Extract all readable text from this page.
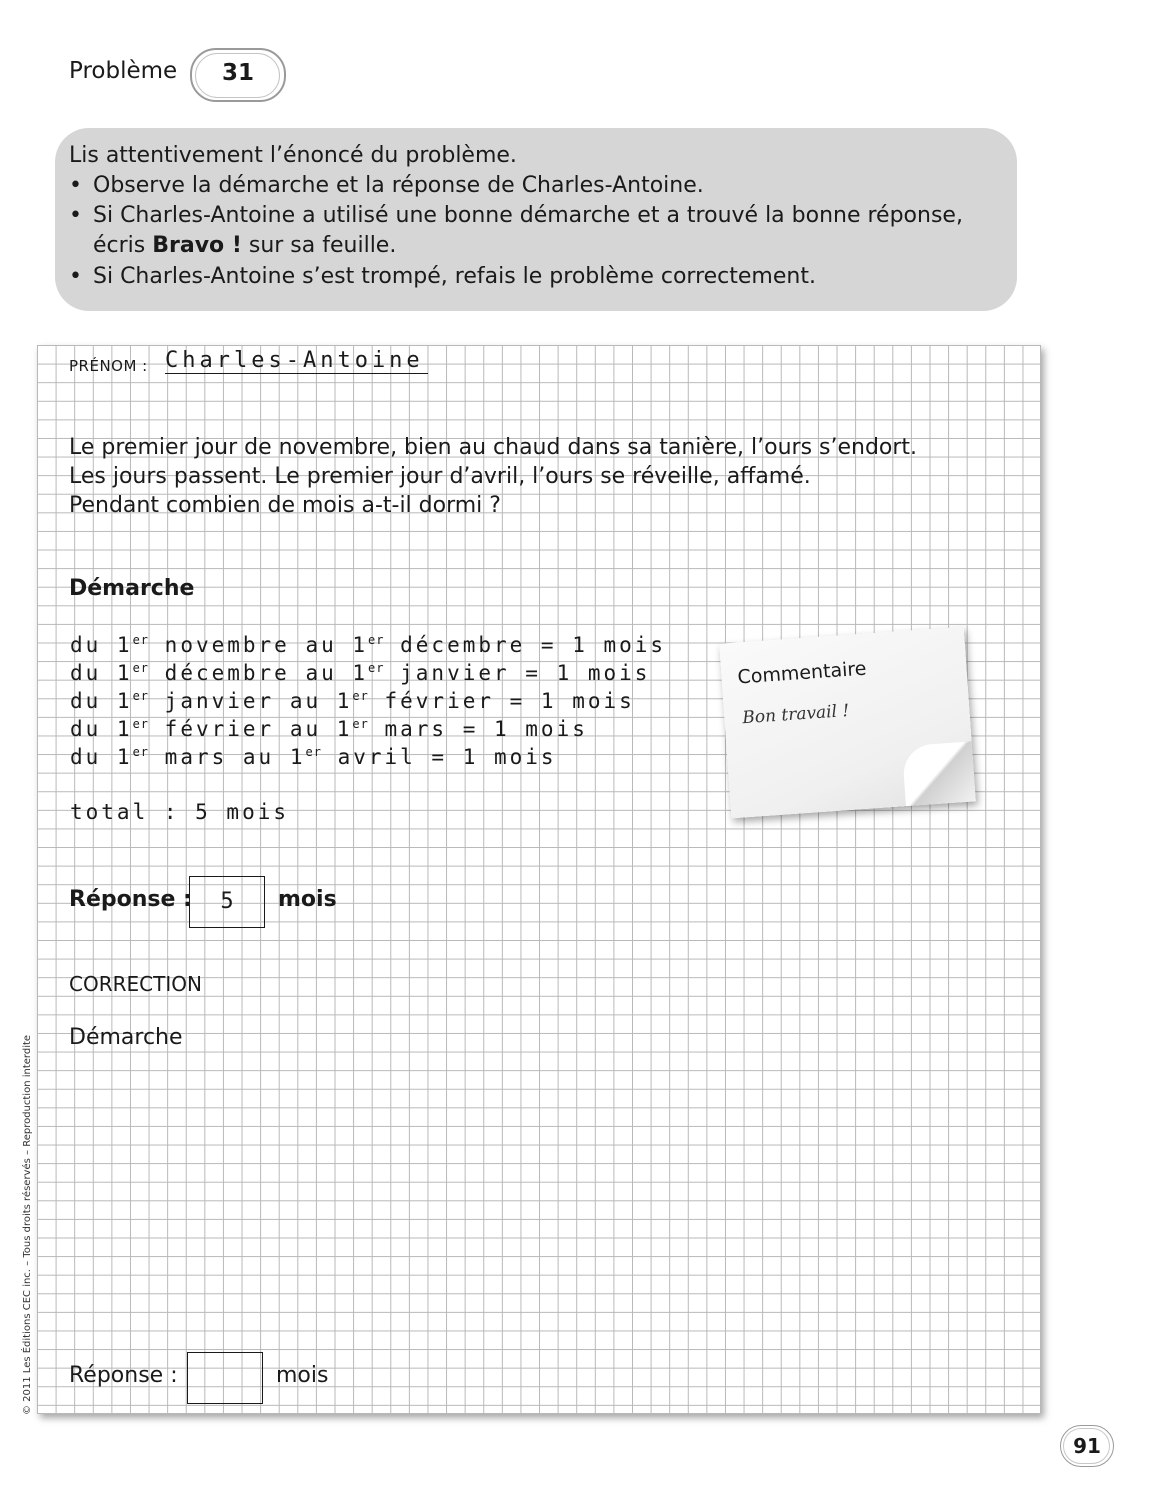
Problème	31
Lis attentivement l’énoncé du problème.
• Observe la démarche et la réponse de Charles-Antoine.
• Si Charles-Antoine a utilisé une bonne démarche et a trouvé la bonne réponse,
écris Bravo ! sur sa feuille.
• Si Charles-Antoine s’est trompé, refais le problème correctement.
PRÉNOM : Charles-Antoine
Le premier jour de novembre, bien au chaud dans sa tanière, l’ours s’endort.
Les jours passent. Le premier jour d’avril, l’ours se réveille, affamé.
Pendant combien de mois a-t-il dormi ?
Démarche
du 1er novembre au 1er décembre = 1 mois
du 1er décembre au 1er janvier = 1 mois
du 1er janvier au 1er février = 1 mois
du 1er février au 1er mars = 1 mois
du 1er mars au 1er avril = 1 mois
total : 5 mois
Réponse :	5	mois
CORRECTION
Démarche
Réponse :	mois
Commentaire
Bon travail !
© 2011 Les Éditions CEC inc. – Tous droits réservés – Reproduction interdite
91
